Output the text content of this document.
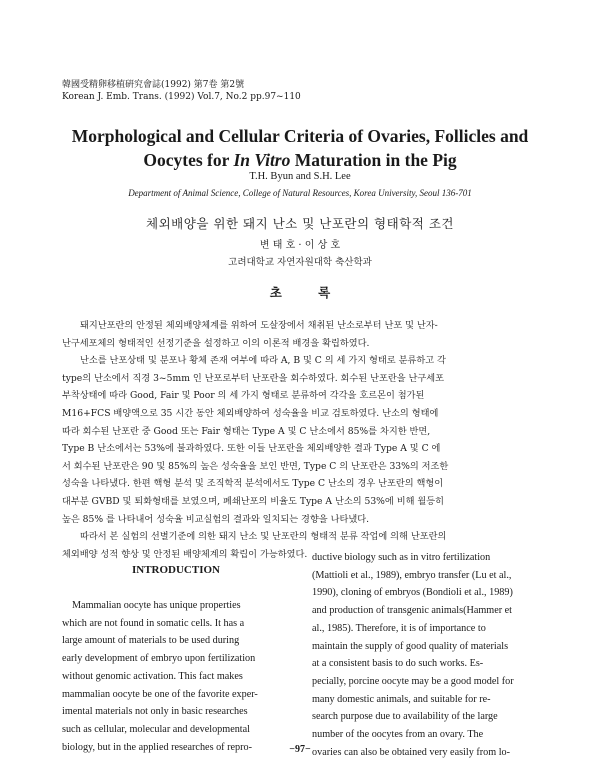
韓國受精卵移植硏究會誌(1992) 第7卷 第2號
Korean J. Emb. Trans. (1992) Vol.7, No.2 pp.97~110
Morphological and Cellular Criteria of Ovaries, Follicles and
Oocytes for In Vitro Maturation in the Pig
T.H. Byun and S.H. Lee
Department of Animal Science, College of Natural Resources, Korea University, Seoul 136-701
체외배양을 위한 돼지 난소 및 난포란의 형태학적 조건
변 태 호 · 이 상 호
고려대학교 자연자원대학 축산학과
초 록
돼지난포란의 안정된 체외배양체계를 위하여 도살장에서 채취된 난소로부터 난포 및 난자-
난구세포체의 형태적인 선정기준을 설정하고 이의 이론적 배경을 확립하였다.
난소를 난포상태 및 분포나 황체 존재 여부에 따라 A, B 및 C 의 세 가지 형태로 분류하고 각
type의 난소에서 직경 3~5mm 인 난포로부터 난포란을 회수하였다. 회수된 난포란을 난구세포
부착상태에 따라 Good, Fair 및 Poor 의 세 가지 형태로 분류하여 각각을 호르몬이 첨가된
M16+FCS 배양액으로 35 시간 동안 체외배양하여 성숙율을 비교 검토하였다. 난소의 형태에
따라 회수된 난포란 중 Good 또는 Fair 형태는 Type A 및 C 난소에서 85%를 차지한 반면,
Type B 난소에서는 53%에 불과하였다. 또한 이들 난포란을 체외배양한 결과 Type A 및 C 에
서 회수된 난포란은 90 및 85%의 높은 성숙율을 보인 반면, Type C 의 난포란은 33%의 저조한
성숙을 나타냈다. 한편 핵형 분석 및 조직학적 분석에서도 Type C 난소의 경우 난포란의 핵형이
대부분 GVBD 및 퇴화형태를 보였으며, 폐쇄난포의 비율도 Type A 난소의 53%에 비해 월등히
높은 85% 를 나타내어 성숙율 비교실험의 결과와 일치되는 경향을 나타냈다.
따라서 본 실험의 선별기준에 의한 돼지 난소 및 난포란의 형태적 분류 작업에 의해 난포란의
체외배양 성적 향상 및 안정된 배양체계의 확립이 가능하였다.
INTRODUCTION
Mammalian oocyte has unique properties
which are not found in somatic cells. It has a
large amount of materials to be used during
early development of embryo upon fertilization
without genomic activation. This fact makes
mammalian oocyte be one of the favorite exper-
imental materials not only in basic researches
such as cellular, molecular and developmental
biology, but in the applied researches of repro-
ductive biology such as in vitro fertilization
(Mattioli et al., 1989), embryo transfer (Lu et al.,
1990), cloning of embryos (Bondioli et al., 1989)
and production of transgenic animals(Hammer et
al., 1985). Therefore, it is of importance to
maintain the supply of good quality of materials
at a consistent basis to do such works. Es-
pecially, porcine oocyte may be a good model for
many domestic animals, and suitable for re-
search purpose due to availability of the large
number of the oocytes from an ovary. The
ovaries can also be obtained very easily from lo-
−97−
